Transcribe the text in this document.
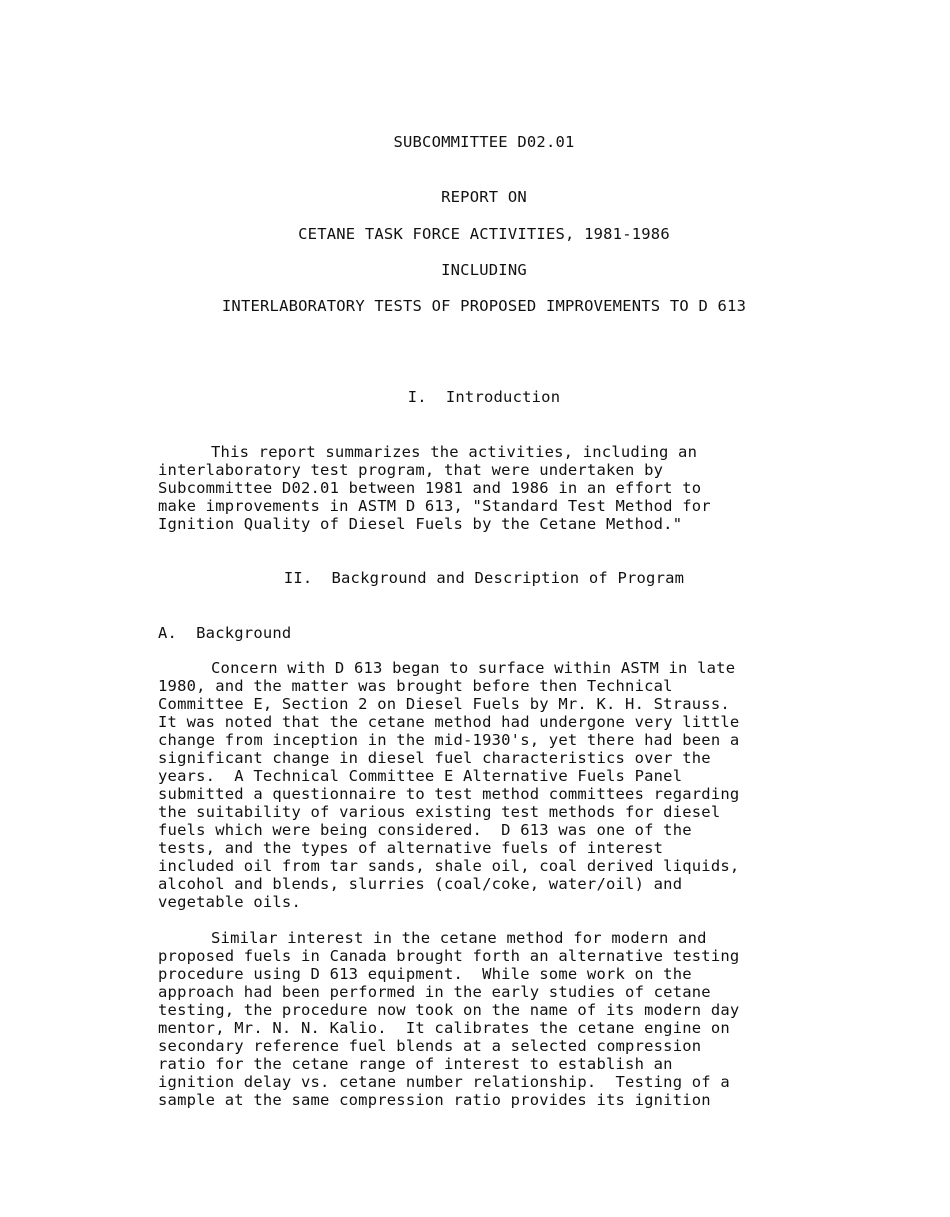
SUBCOMMITTEE D02.01
REPORT ON
CETANE TASK FORCE ACTIVITIES, 1981-1986
INCLUDING
INTERLABORATORY TESTS OF PROPOSED IMPROVEMENTS TO D 613
I.  Introduction
This report summarizes the activities, including an
interlaboratory test program, that were undertaken by
Subcommittee D02.01 between 1981 and 1986 in an effort to
make improvements in ASTM D 613, "Standard Test Method for
Ignition Quality of Diesel Fuels by the Cetane Method."
II.  Background and Description of Program
A.  Background
Concern with D 613 began to surface within ASTM in late
1980, and the matter was brought before then Technical
Committee E, Section 2 on Diesel Fuels by Mr. K. H. Strauss.
It was noted that the cetane method had undergone very little
change from inception in the mid-1930's, yet there had been a
significant change in diesel fuel characteristics over the
years.  A Technical Committee E Alternative Fuels Panel
submitted a questionnaire to test method committees regarding
the suitability of various existing test methods for diesel
fuels which were being considered.  D 613 was one of the
tests, and the types of alternative fuels of interest
included oil from tar sands, shale oil, coal derived liquids,
alcohol and blends, slurries (coal/coke, water/oil) and
vegetable oils.
Similar interest in the cetane method for modern and
proposed fuels in Canada brought forth an alternative testing
procedure using D 613 equipment.  While some work on the
approach had been performed in the early studies of cetane
testing, the procedure now took on the name of its modern day
mentor, Mr. N. N. Kalio.  It calibrates the cetane engine on
secondary reference fuel blends at a selected compression
ratio for the cetane range of interest to establish an
ignition delay vs. cetane number relationship.  Testing of a
sample at the same compression ratio provides its ignition
